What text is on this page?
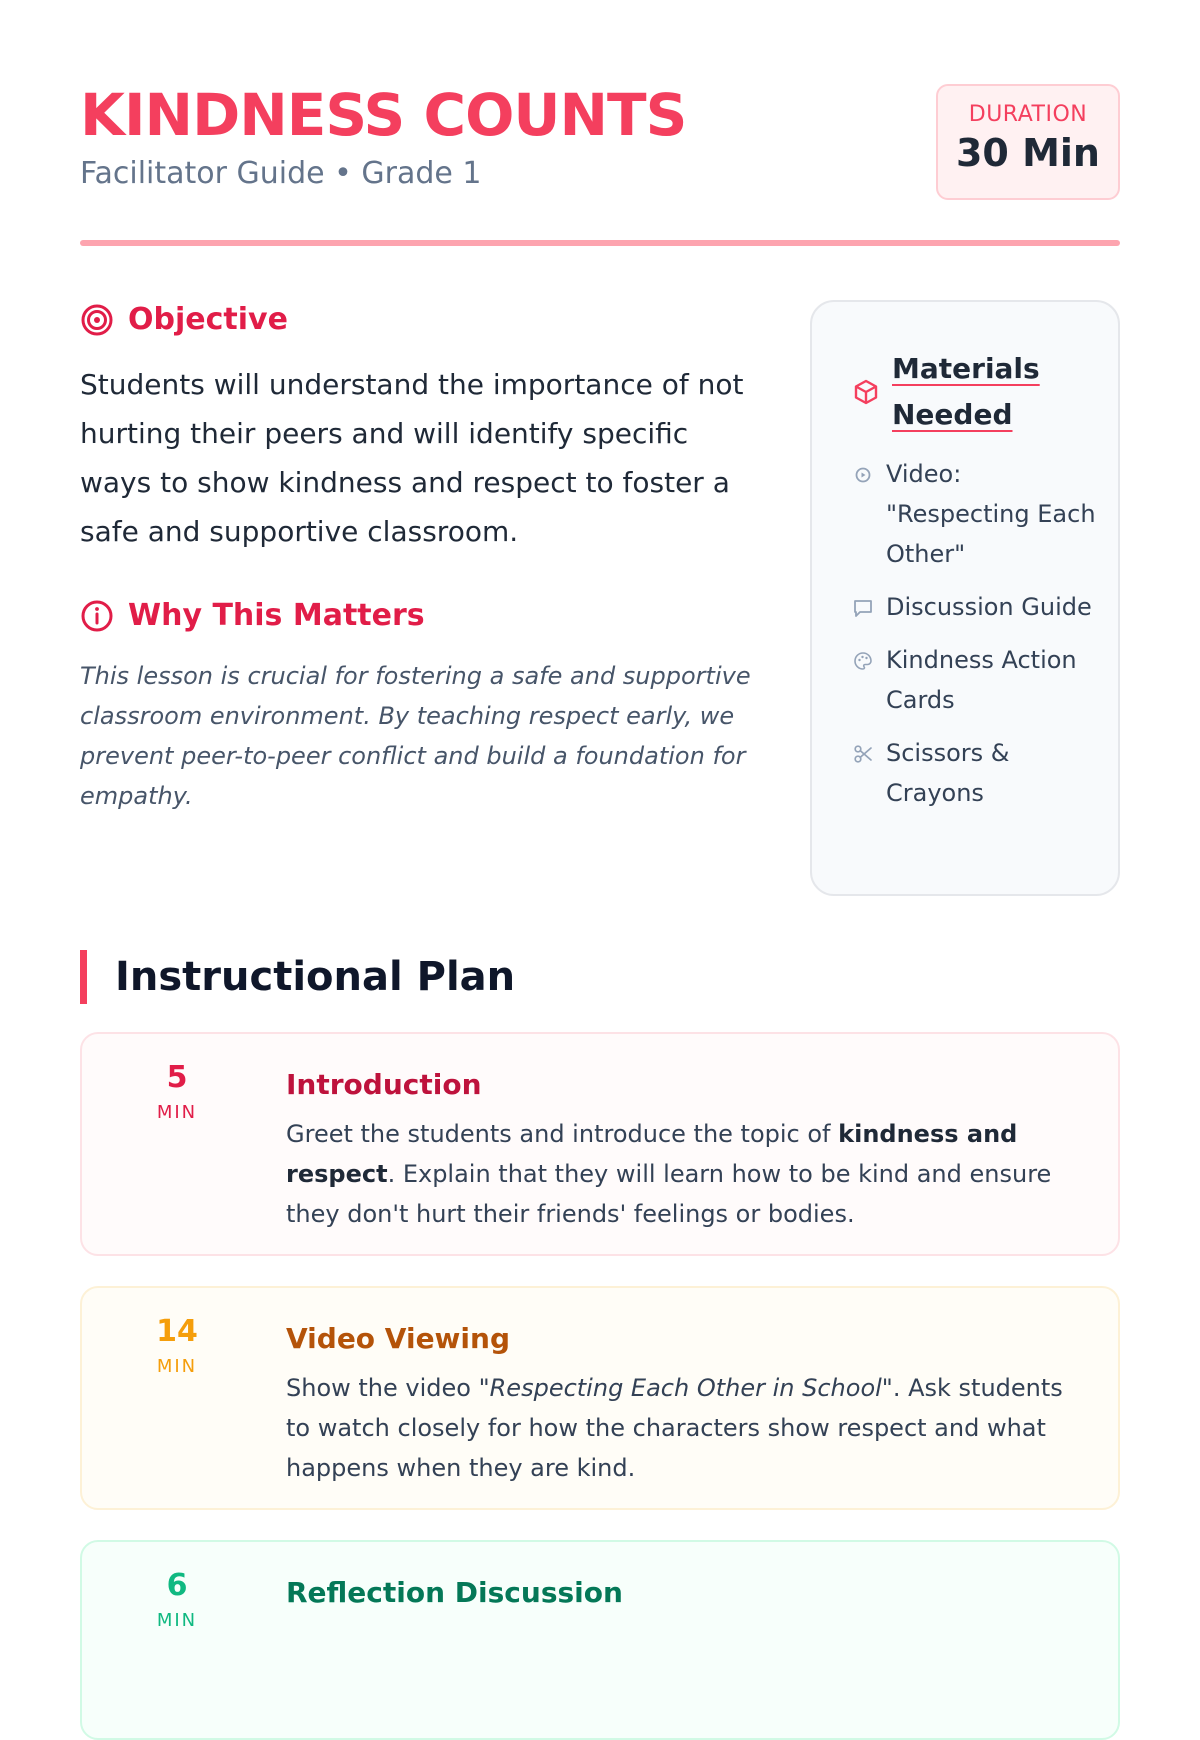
KINDNESS COUNTS
Facilitator Guide • Grade 1
DURATION
30 Min
Objective
Students will understand the importance of not hurting their peers and will identify specific ways to show kindness and respect to foster a safe and supportive classroom.
Why This Matters
This lesson is crucial for fostering a safe and supportive classroom environment. By teaching respect early, we prevent peer-to-peer conflict and build a foundation for empathy.
Materials Needed
Video: "Respecting Each Other"
Discussion Guide
Kindness Action Cards
Scissors & Crayons
Instructional Plan
5
MIN
Introduction
Greet the students and introduce the topic of kindness and respect. Explain that they will learn how to be kind and ensure they don't hurt their friends' feelings or bodies.
14
MIN
Video Viewing
Show the video "Respecting Each Other in School". Ask students to watch closely for how the characters show respect and what happens when they are kind.
6
MIN
Reflection Discussion
